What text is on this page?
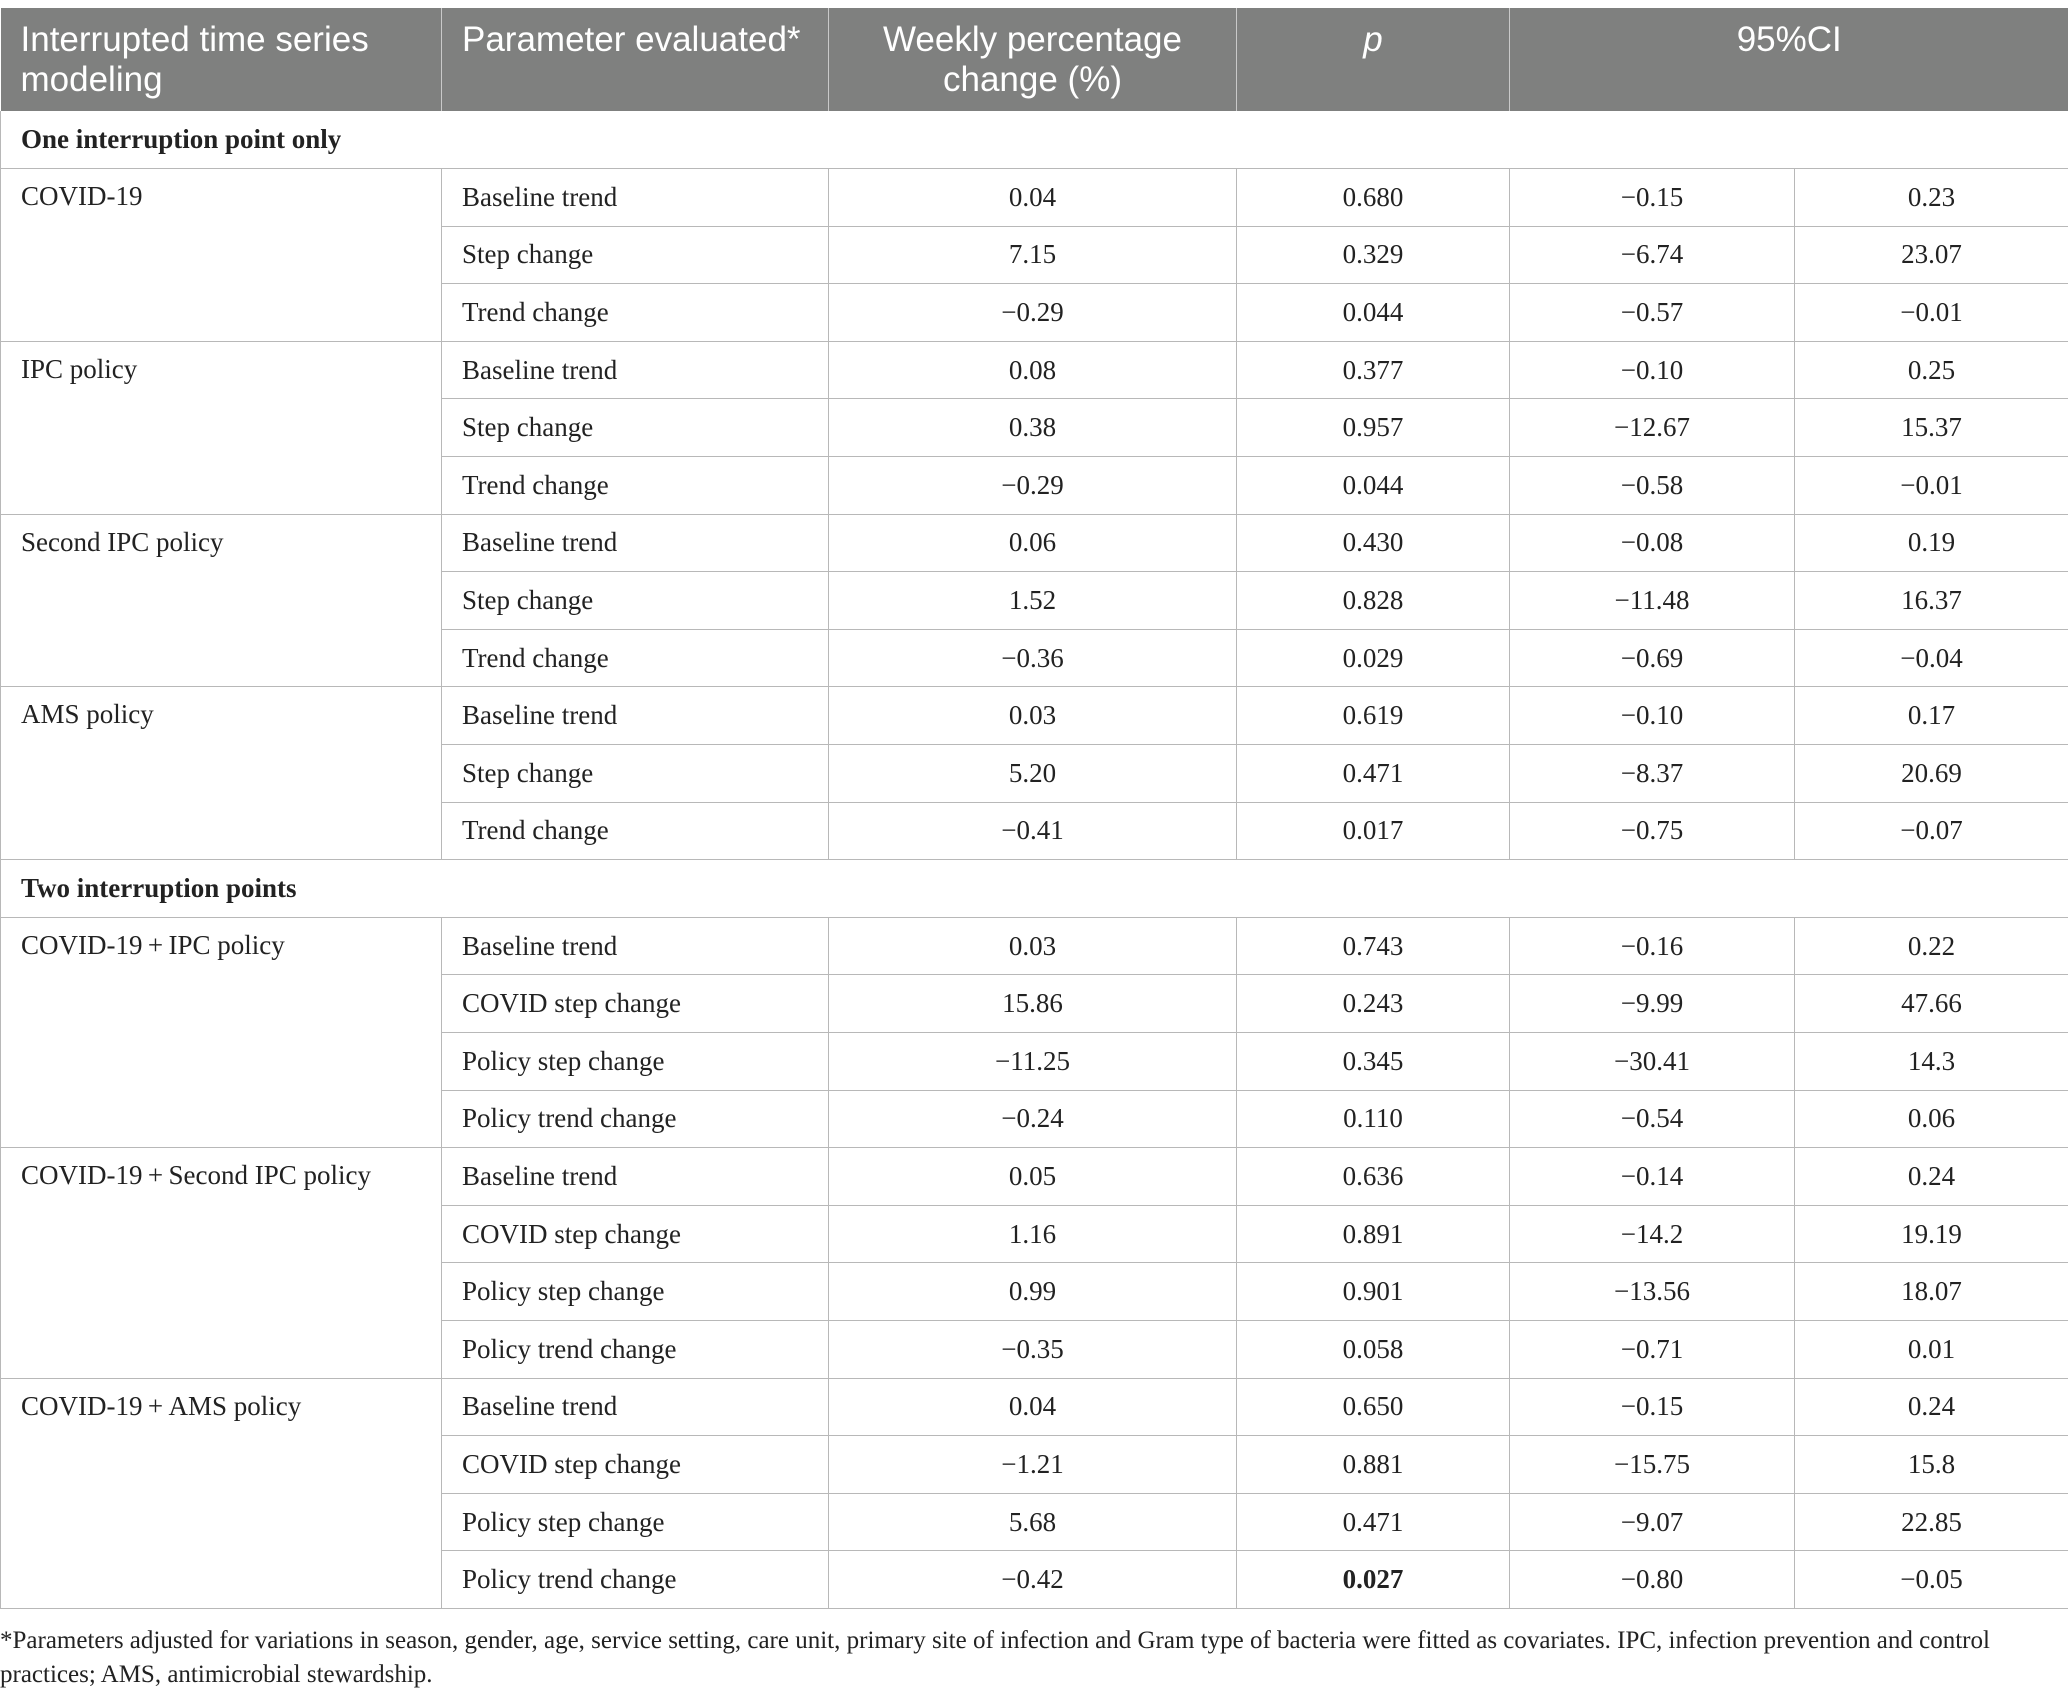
Interrupted time series modeling	Parameter evaluated*	Weekly percentage change (%)	p	95%CI	
One interruption point only					
COVID-19	Baseline trend	0.04	0.680	−0.15	0.23
	Step change	7.15	0.329	−6.74	23.07
	Trend change	−0.29	0.044	−0.57	−0.01
IPC policy	Baseline trend	0.08	0.377	−0.10	0.25
	Step change	0.38	0.957	−12.67	15.37
	Trend change	−0.29	0.044	−0.58	−0.01
Second IPC policy	Baseline trend	0.06	0.430	−0.08	0.19
	Step change	1.52	0.828	−11.48	16.37
	Trend change	−0.36	0.029	−0.69	−0.04
AMS policy	Baseline trend	0.03	0.619	−0.10	0.17
	Step change	5.20	0.471	−8.37	20.69
	Trend change	−0.41	0.017	−0.75	−0.07
Two interruption points					
COVID-19 + IPC policy	Baseline trend	0.03	0.743	−0.16	0.22
	COVID step change	15.86	0.243	−9.99	47.66
	Policy step change	−11.25	0.345	−30.41	14.3
	Policy trend change	−0.24	0.110	−0.54	0.06
COVID-19 + Second IPC policy	Baseline trend	0.05	0.636	−0.14	0.24
	COVID step change	1.16	0.891	−14.2	19.19
	Policy step change	0.99	0.901	−13.56	18.07
	Policy trend change	−0.35	0.058	−0.71	0.01
COVID-19 + AMS policy	Baseline trend	0.04	0.650	−0.15	0.24
	COVID step change	−1.21	0.881	−15.75	15.8
	Policy step change	5.68	0.471	−9.07	22.85
	Policy trend change	−0.42	0.027	−0.80	−0.05
*Parameters adjusted for variations in season, gender, age, service setting, care unit, primary site of infection and Gram type of bacteria were fitted as covariates. IPC, infection prevention and control practices; AMS, antimicrobial stewardship.
